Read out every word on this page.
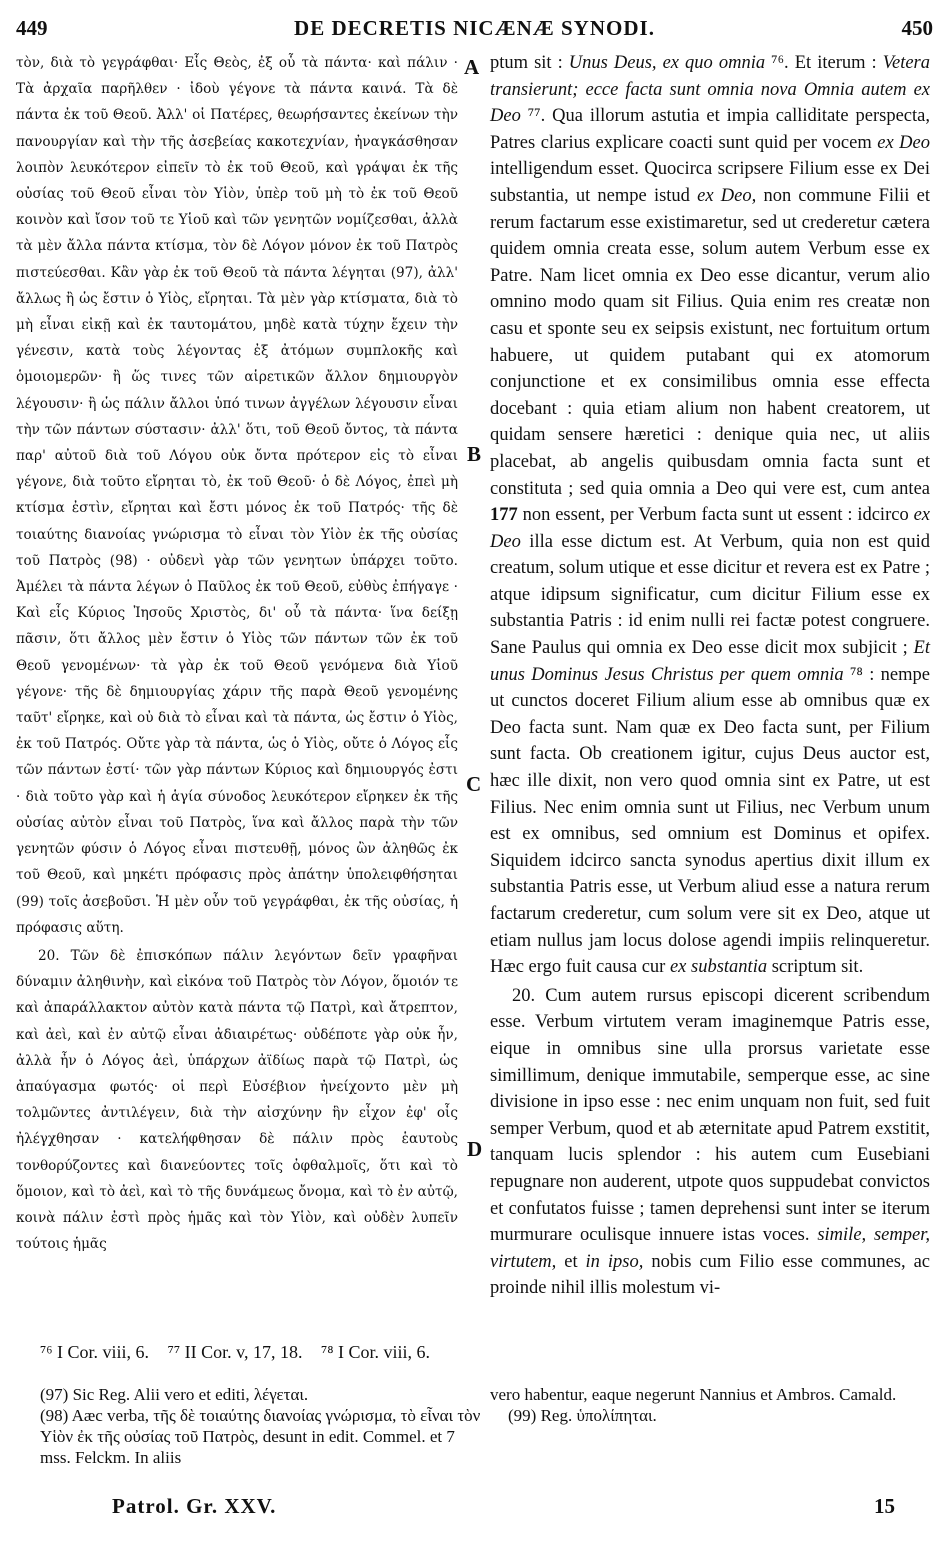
449	DE DECRETIS NICÆNÆ SYNODI.	450

τὸν, διὰ τὸ γεγράφθαι· Εἷς Θεὸς, ἐξ οὗ τὰ πάντα· καὶ πάλιν · Τὰ ἀρχαῖα παρῆλθεν · ἰδοὺ γέγονε τὰ πάντα καινά. Τὰ δὲ πάντα ἐκ τοῦ Θεοῦ. Ἀλλ' οἱ Πατέρες, θεωρήσαντες ἐκείνων τὴν πανουργίαν καὶ τὴν τῆς ἀσεβείας κακοτεχνίαν, ἠναγκάσθησαν λοιπὸν λευκότερον εἰπεῖν τὸ ἐκ τοῦ Θεοῦ, καὶ γράψαι ἐκ τῆς οὐσίας τοῦ Θεοῦ εἶναι τὸν Υἱὸν, ὑπὲρ τοῦ μὴ τὸ ἐκ τοῦ Θεοῦ κοινὸν καὶ ἴσον τοῦ τε Υἱοῦ καὶ τῶν γενητῶν νομίζεσθαι, ἀλλὰ τὰ μὲν ἄλλα πάντα κτίσμα, τὸν δὲ Λόγον μόνον ἐκ τοῦ Πατρὸς πιστεύεσθαι. Κἂν γὰρ ἐκ τοῦ Θεοῦ τὰ πάντα λέγηται (97), ἀλλ' ἄλλως ἢ ὡς ἔστιν ὁ Υἱὸς, εἴρηται. Τὰ μὲν γὰρ κτίσματα, διὰ τὸ μὴ εἶναι εἰκῇ καὶ ἐκ ταυτομάτου, μηδὲ κατὰ τύχην ἔχειν τὴν γένεσιν, κατὰ τοὺς λέγοντας ἐξ ἀτόμων συμπλοκῆς καὶ ὁμοιομερῶν· ἢ ὥς τινες τῶν αἱρετικῶν ἄλλον δημιουργὸν λέγουσιν· ἢ ὡς πάλιν ἄλλοι ὑπό τινων ἀγγέλων λέγουσιν εἶναι τὴν τῶν πάντων σύστασιν· ἀλλ' ὅτι, τοῦ Θεοῦ ὄντος, τὰ πάντα παρ' αὐτοῦ διὰ τοῦ Λόγου οὐκ ὄντα πρότερον εἰς τὸ εἶναι γέγονε, διὰ τοῦτο εἴρηται τὸ, ἐκ τοῦ Θεοῦ· ὁ δὲ Λόγος, ἐπεὶ μὴ κτίσμα ἐστὶν, εἴρηται καὶ ἔστι μόνος ἐκ τοῦ Πατρός· τῆς δὲ τοιαύτης διανοίας γνώρισμα τὸ εἶναι τὸν Υἱὸν ἐκ τῆς οὐσίας τοῦ Πατρὸς (98) · οὐδενὶ γὰρ τῶν γενητων ὑπάρχει τοῦτο. Ἀμέλει τὰ πάντα λέγων ὁ Παῦλος ἐκ τοῦ Θεοῦ, εὐθὺς ἐπήγαγε · Καὶ εἷς Κύριος Ἰησοῦς Χριστὸς, δι' οὗ τὰ πάντα· ἵνα δείξῃ πᾶσιν, ὅτι ἄλλος μὲν ἔστιν ὁ Υἱὸς τῶν πάντων τῶν ἐκ τοῦ Θεοῦ γενομένων· τὰ γὰρ ἐκ τοῦ Θεοῦ γενόμενα διὰ Υἱοῦ γέγονε· τῆς δὲ δημιουργίας χάριν τῆς παρὰ Θεοῦ γενομένης ταῦτ' εἴρηκε, καὶ οὐ διὰ τὸ εἶναι καὶ τὰ πάντα, ὡς ἔστιν ὁ Υἱὸς, ἐκ τοῦ Πατρός. Οὔτε γὰρ τὰ πάντα, ὡς ὁ Υἱὸς, οὔτε ὁ Λόγος εἷς τῶν πάντων ἐστί· τῶν γὰρ πάντων Κύριος καὶ δημιουργός ἐστι · διὰ τοῦτο γὰρ καὶ ἡ ἁγία σύνοδος λευκότερον εἴρηκεν ἐκ τῆς οὐσίας αὐτὸν εἶναι τοῦ Πατρὸς, ἵνα καὶ ἄλλος παρὰ τὴν τῶν γενητῶν φύσιν ὁ Λόγος εἶναι πιστευθῇ, μόνος ὢν ἀληθῶς ἐκ τοῦ Θεοῦ, καὶ μηκέτι πρόφασις πρὸς ἀπάτην ὑπολειφθήσηται (99) τοῖς ἀσεβοῦσι. Ἡ μὲν οὖν τοῦ γεγράφθαι, ἐκ τῆς οὐσίας, ἡ πρόφασις αὕτη.

20. Τῶν δὲ ἐπισκόπων πάλιν λεγόντων δεῖν γραφῆναι δύναμιν ἀληθινὴν, καὶ εἰκόνα τοῦ Πατρὸς τὸν Λόγον, ὅμοιόν τε καὶ ἀπαράλλακτον αὐτὸν κατὰ πάντα τῷ Πατρὶ, καὶ ἄτρεπτον, καὶ ἀεὶ, καὶ ἐν αὐτῷ εἶναι ἀδιαιρέτως· οὐδέποτε γὰρ οὐκ ἦν, ἀλλὰ ἦν ὁ Λόγος ἀεὶ, ὑπάρχων ἀϊδίως παρὰ τῷ Πατρὶ, ὡς ἀπαύγασμα φωτός· οἱ περὶ Εὐσέβιον ἠνείχοντο μὲν μὴ τολμῶντες ἀντιλέγειν, διὰ τὴν αἰσχύνην ἣν εἶχον ἐφ' οἷς ἠλέγχθησαν · κατελήφθησαν δὲ πάλιν πρὸς ἑαυτοὺς τονθορύζοντες καὶ διανεύοντες τοῖς ὀφθαλμοῖς, ὅτι καὶ τὸ ὅμοιον, καὶ τὸ ἀεὶ, καὶ τὸ τῆς δυνάμεως ὄνομα, καὶ τὸ ἐν αὐτῷ, κοινὰ πάλιν ἐστὶ πρὸς ἡμᾶς καὶ τὸν Υἱὸν, καὶ οὐδὲν λυπεῖν τούτοις ἡμᾶς

A
B
C
D

ptum sit : Unus Deus, ex quo omnia ⁷⁶. Et iterum : Vetera transierunt; ecce facta sunt omnia nova Omnia autem ex Deo ⁷⁷. Qua illorum astutia et impia calliditate perspecta, Patres clarius explicare coacti sunt quid per vocem ex Deo intelligendum esset. Quocirca scripsere Filium esse ex Dei substantia, ut nempe istud ex Deo, non commune Filii et rerum factarum esse existimaretur, sed ut crederetur cætera quidem omnia creata esse, solum autem Verbum esse ex Patre. Nam licet omnia ex Deo esse dicantur, verum alio omnino modo quam sit Filius. Quia enim res creatæ non casu et sponte seu ex seipsis existunt, nec fortuitum ortum habuere, ut quidem putabant qui ex atomorum conjunctione et ex consimilibus omnia esse effecta docebant : quia etiam alium non habent creatorem, ut quidam sensere hæretici : denique quia nec, ut aliis placebat, ab angelis quibusdam omnia facta sunt et constituta ; sed quia omnia a Deo qui vere est, cum antea 177 non essent, per Verbum facta sunt ut essent : idcirco ex Deo illa esse dictum est. At Verbum, quia non est quid creatum, solum utique et esse dicitur et revera est ex Patre ; atque idipsum significatur, cum dicitur Filium esse ex substantia Patris : id enim nulli rei factæ potest congruere. Sane Paulus qui omnia ex Deo esse dicit mox subjicit ; Et unus Dominus Jesus Christus per quem omnia ⁷⁸ : nempe ut cunctos doceret Filium alium esse ab omnibus quæ ex Deo facta sunt. Nam quæ ex Deo facta sunt, per Filium sunt facta. Ob creationem igitur, cujus Deus auctor est, hæc ille dixit, non vero quod omnia sint ex Patre, ut est Filius. Nec enim omnia sunt ut Filius, nec Verbum unum est ex omnibus, sed omnium est Dominus et opifex. Siquidem idcirco sancta synodus apertius dixit illum ex substantia Patris esse, ut Verbum aliud esse a natura rerum factarum crederetur, cum solum vere sit ex Deo, atque ut etiam nullus jam locus dolose agendi impiis relinqueretur. Hæc ergo fuit causa cur ex substantia scriptum sit.

20. Cum autem rursus episcopi dicerent scribendum esse. Verbum virtutem veram imaginemque Patris esse, eique in omnibus sine ulla prorsus varietate esse simillimum, denique immutabile, semperque esse, ac sine divisione in ipso esse : nec enim unquam non fuit, sed fuit semper Verbum, quod et ab æternitate apud Patrem exstitit, tanquam lucis splendor : his autem cum Eusebiani repugnare non auderent, utpote quos suppudebat convictos et confutatos fuisse ; tamen deprehensi sunt inter se iterum murmurare oculisque innuere istas voces. simile, semper, virtutem, et in ipso, nobis cum Filio esse communes, ac proinde nihil illis molestum vi-

⁷⁶ I Cor. viii, 6. ⁷⁷ II Cor. v, 17, 18. ⁷⁸ I Cor. viii, 6.

(97) Sic Reg. Alii vero et editi, λέγεται.

(98) Aæc verba, τῆς δὲ τοιαύτης διανοίας γνώρισμα, τὸ εἶναι τὸν Υἱὸν ἐκ τῆς οὐσίας τοῦ Πατρὸς, desunt in edit. Commel. et 7 mss. Felckm. In aliis

vero habentur, eaque negerunt Nannius et Ambros. Camald.

(99) Reg. ὑπολίπηται.

Patrol. Gr. XXV.	15
